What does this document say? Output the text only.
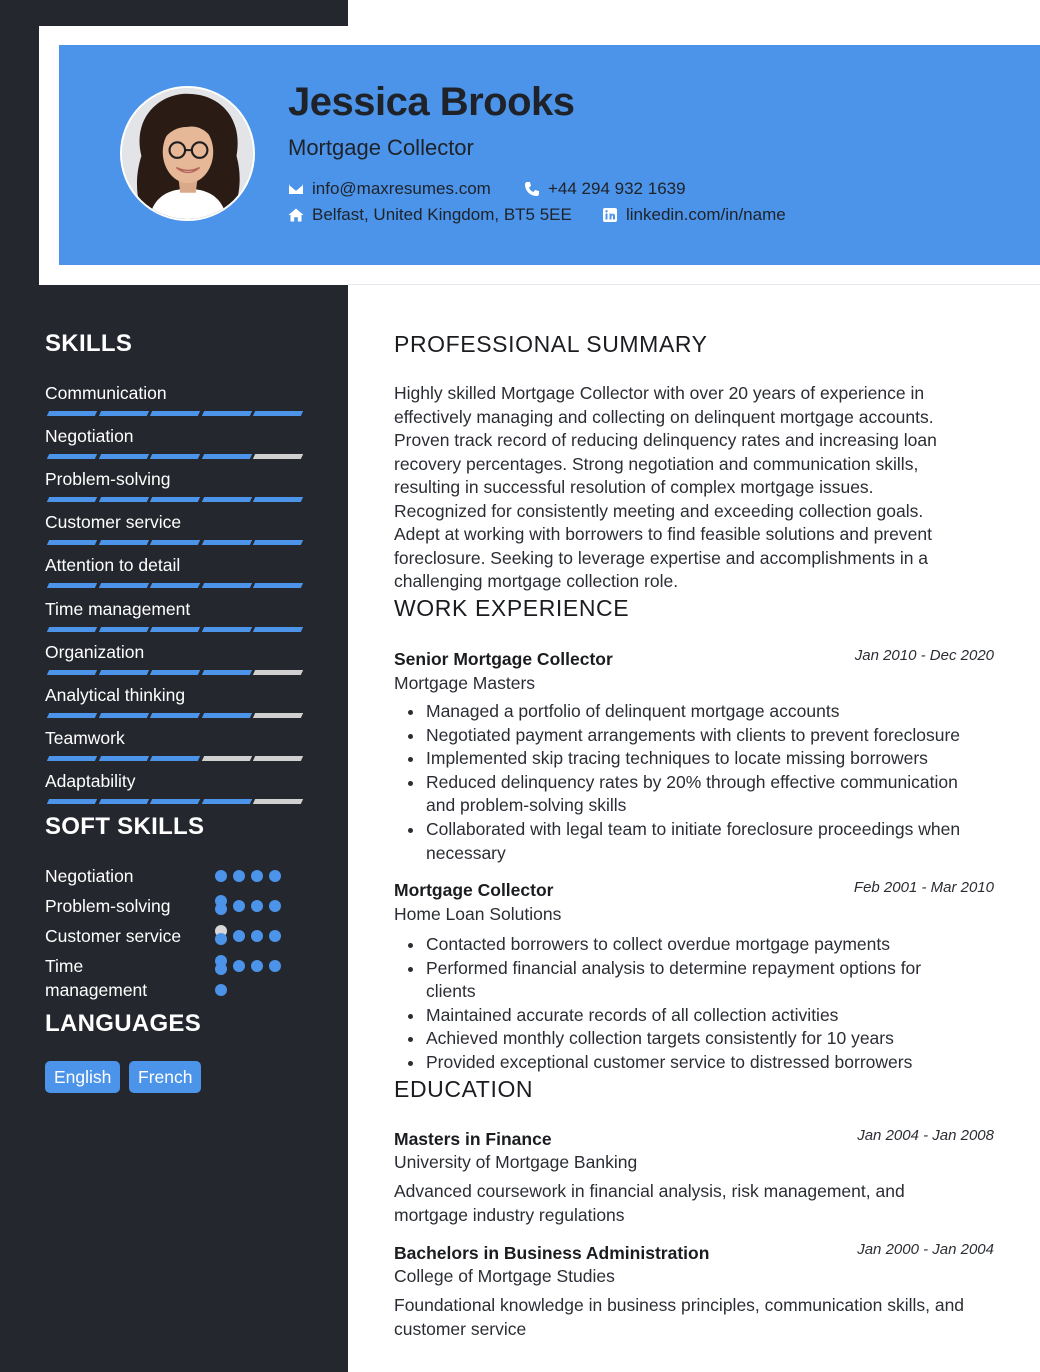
Jessica Brooks
Mortgage Collector
info@maxresumes.com	+44 294 932 1639
Belfast, United Kingdom, BT5 5EE	linkedin.com/in/name
SKILLS
Communication
Negotiation
Problem-solving
Customer service
Attention to detail
Time management
Organization
Analytical thinking
Teamwork
Adaptability
SOFT SKILLS
Negotiation
Problem-solving
Customer service
Time management
LANGUAGES
English	French
PROFESSIONAL SUMMARY
Highly skilled Mortgage Collector with over 20 years of experience in
effectively managing and collecting on delinquent mortgage accounts.
Proven track record of reducing delinquency rates and increasing loan
recovery percentages. Strong negotiation and communication skills,
resulting in successful resolution of complex mortgage issues.
Recognized for consistently meeting and exceeding collection goals.
Adept at working with borrowers to find feasible solutions and prevent
foreclosure. Seeking to leverage expertise and accomplishments in a
challenging mortgage collection role.
WORK EXPERIENCE
Senior Mortgage Collector	Jan 2010 - Dec 2020
Mortgage Masters
Managed a portfolio of delinquent mortgage accounts
Negotiated payment arrangements with clients to prevent foreclosure
Implemented skip tracing techniques to locate missing borrowers
Reduced delinquency rates by 20% through effective communication and problem-solving skills
Collaborated with legal team to initiate foreclosure proceedings when necessary
Mortgage Collector	Feb 2001 - Mar 2010
Home Loan Solutions
Contacted borrowers to collect overdue mortgage payments
Performed financial analysis to determine repayment options for clients
Maintained accurate records of all collection activities
Achieved monthly collection targets consistently for 10 years
Provided exceptional customer service to distressed borrowers
EDUCATION
Masters in Finance	Jan 2004 - Jan 2008
University of Mortgage Banking
Advanced coursework in financial analysis, risk management, and
mortgage industry regulations
Bachelors in Business Administration	Jan 2000 - Jan 2004
College of Mortgage Studies
Foundational knowledge in business principles, communication skills, and
customer service
